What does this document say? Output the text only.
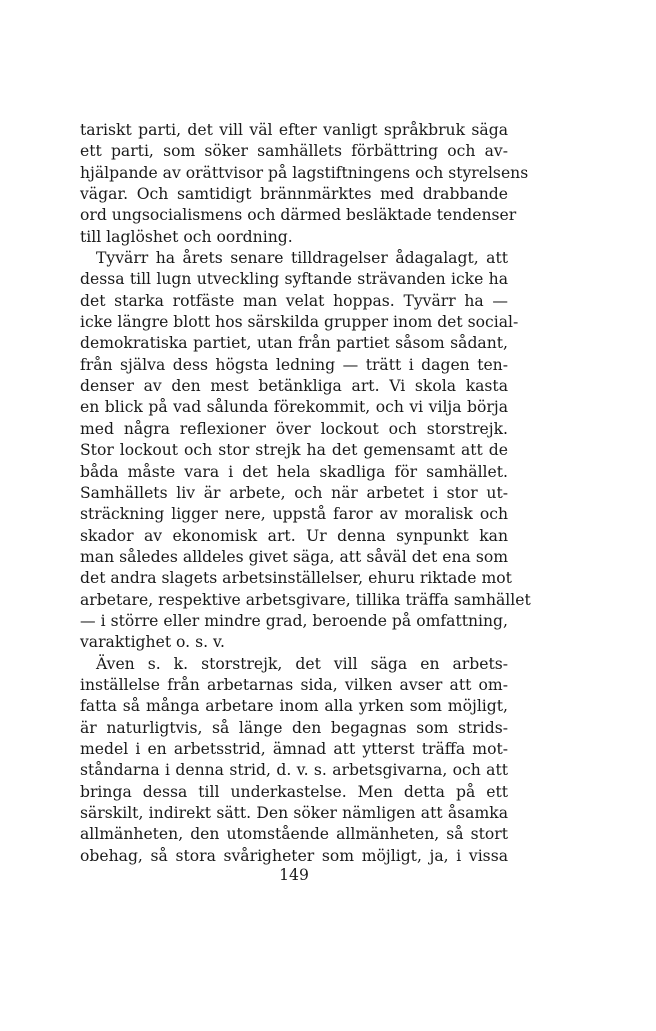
tariskt parti, det vill väl efter vanligt språkbruk säga
ett parti, som söker samhällets förbättring och av-
hjälpande av orättvisor på lagstiftningens och styrelsens
vägar. Och samtidigt brännmärktes med drabbande
ord ungsocialismens och därmed besläktade tendenser
till laglöshet och oordning.
Tyvärr ha årets senare tilldragelser ådagalagt, att
dessa till lugn utveckling syftande strävanden icke ha
det starka rotfäste man velat hoppas. Tyvärr ha —
icke längre blott hos särskilda grupper inom det social-
demokratiska partiet, utan från partiet såsom sådant,
från själva dess högsta ledning — trätt i dagen ten-
denser av den mest betänkliga art. Vi skola kasta
en blick på vad sålunda förekommit, och vi vilja börja
med några reflexioner över lockout och storstrejk.
Stor lockout och stor strejk ha det gemensamt att de
båda måste vara i det hela skadliga för samhället.
Samhällets liv är arbete, och när arbetet i stor ut-
sträckning ligger nere, uppstå faror av moralisk och
skador av ekonomisk art. Ur denna synpunkt kan
man således alldeles givet säga, att såväl det ena som
det andra slagets arbetsinställelser, ehuru riktade mot
arbetare, respektive arbetsgivare, tillika träffa samhället
— i större eller mindre grad, beroende på omfattning,
varaktighet o. s. v.
Även s. k. storstrejk, det vill säga en arbets-
inställelse från arbetarnas sida, vilken avser att om-
fatta så många arbetare inom alla yrken som möjligt,
är naturligtvis, så länge den begagnas som strids-
medel i en arbetsstrid, ämnad att ytterst träffa mot-
ståndarna i denna strid, d. v. s. arbetsgivarna, och att
bringa dessa till underkastelse. Men detta på ett
särskilt, indirekt sätt. Den söker nämligen att åsamka
allmänheten, den utomstående allmänheten, så stort
obehag, så stora svårigheter som möjligt, ja, i vissa
149
